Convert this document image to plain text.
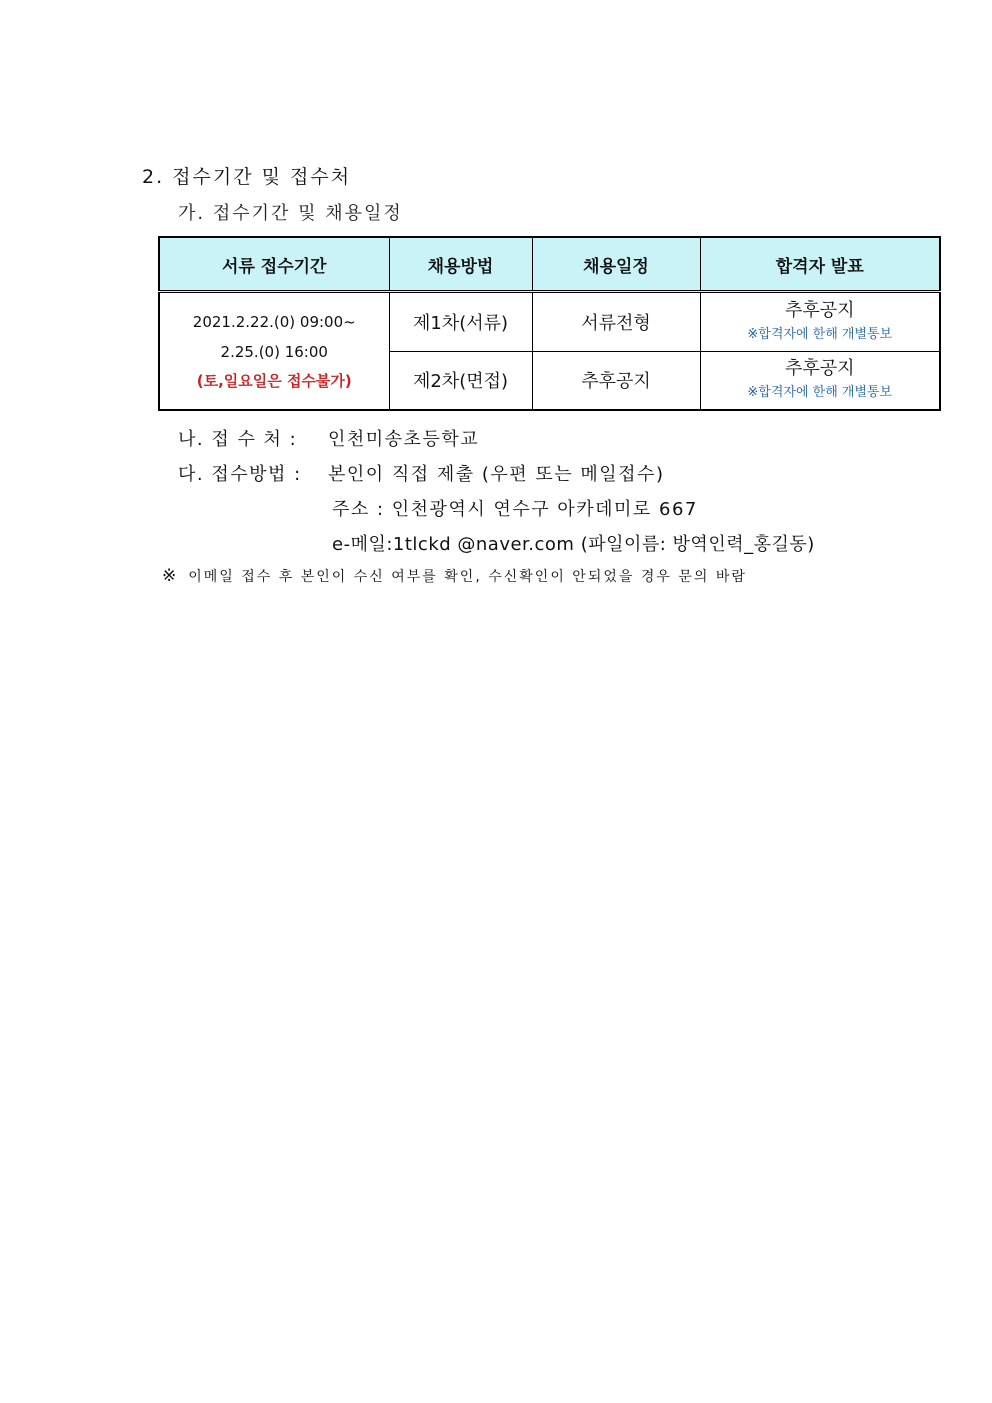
2. 접수기간 및 접수처
가. 접수기간 및 채용일정
서류 접수기간	채용방법	채용일정	합격자 발표

2021.2.22.(0) 09:00~
2.25.(0) 16:00
(토,일요일은 접수불가)	제1차(서류)	서류전형	추후공지
※합격자에 한해 개별통보

	제2차(면접)	추후공지	추후공지
※합격자에 한해 개별통보
나. 접 수 처 : 인천미송초등학교
다. 접수방법 : 본인이 직접 제출 (우편 또는 메일접수)
주소 : 인천광역시 연수구 아카데미로 667
e-메일:1tlckd @naver.com (파일이름: 방역인력_홍길동)
※ 이메일 접수 후 본인이 수신 여부를 확인, 수신확인이 안되었을 경우 문의 바람
